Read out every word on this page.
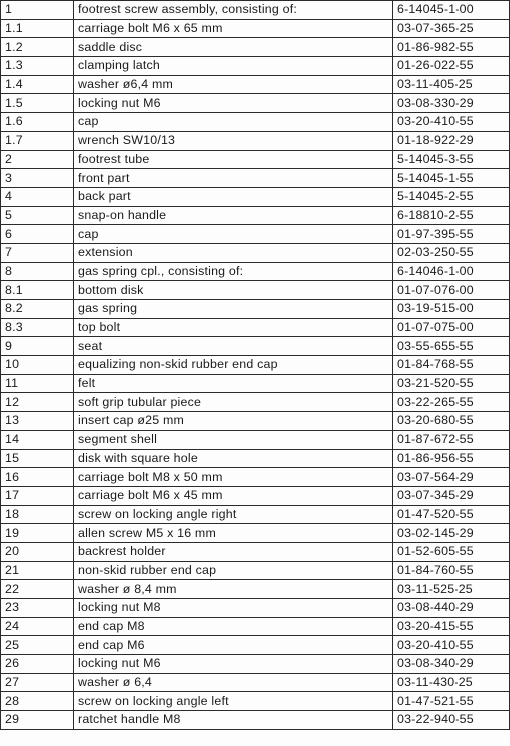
1	footrest screw assembly, consisting of:	6-14045-1-00
1.1	carriage bolt M6 x 65 mm	03-07-365-25
1.2	saddle disc	01-86-982-55
1.3	clamping latch	01-26-022-55
1.4	washer ø6,4 mm	03-11-405-25
1.5	locking nut M6	03-08-330-29
1.6	cap	03-20-410-55
1.7	wrench SW10/13	01-18-922-29
2	footrest tube	5-14045-3-55
3	front part	5-14045-1-55
4	back part	5-14045-2-55
5	snap-on handle	6-18810-2-55
6	cap	01-97-395-55
7	extension	02-03-250-55
8	gas spring cpl., consisting of:	6-14046-1-00
8.1	bottom disk	01-07-076-00
8.2	gas spring	03-19-515-00
8.3	top bolt	01-07-075-00
9	seat	03-55-655-55
10	equalizing non-skid rubber end cap	01-84-768-55
11	felt	03-21-520-55
12	soft grip tubular piece	03-22-265-55
13	insert cap ø25 mm	03-20-680-55
14	segment shell	01-87-672-55
15	disk with square hole	01-86-956-55
16	carriage bolt M8 x 50 mm	03-07-564-29
17	carriage bolt M6 x 45 mm	03-07-345-29
18	screw on locking angle right	01-47-520-55
19	allen screw M5 x 16 mm	03-02-145-29
20	backrest holder	01-52-605-55
21	non-skid rubber end cap	01-84-760-55
22	washer ø 8,4 mm	03-11-525-25
23	locking nut M8	03-08-440-29
24	end cap M8	03-20-415-55
25	end cap M6	03-20-410-55
26	locking nut M6	03-08-340-29
27	washer ø 6,4	03-11-430-25
28	screw on locking angle left	01-47-521-55
29	ratchet handle M8	03-22-940-55
